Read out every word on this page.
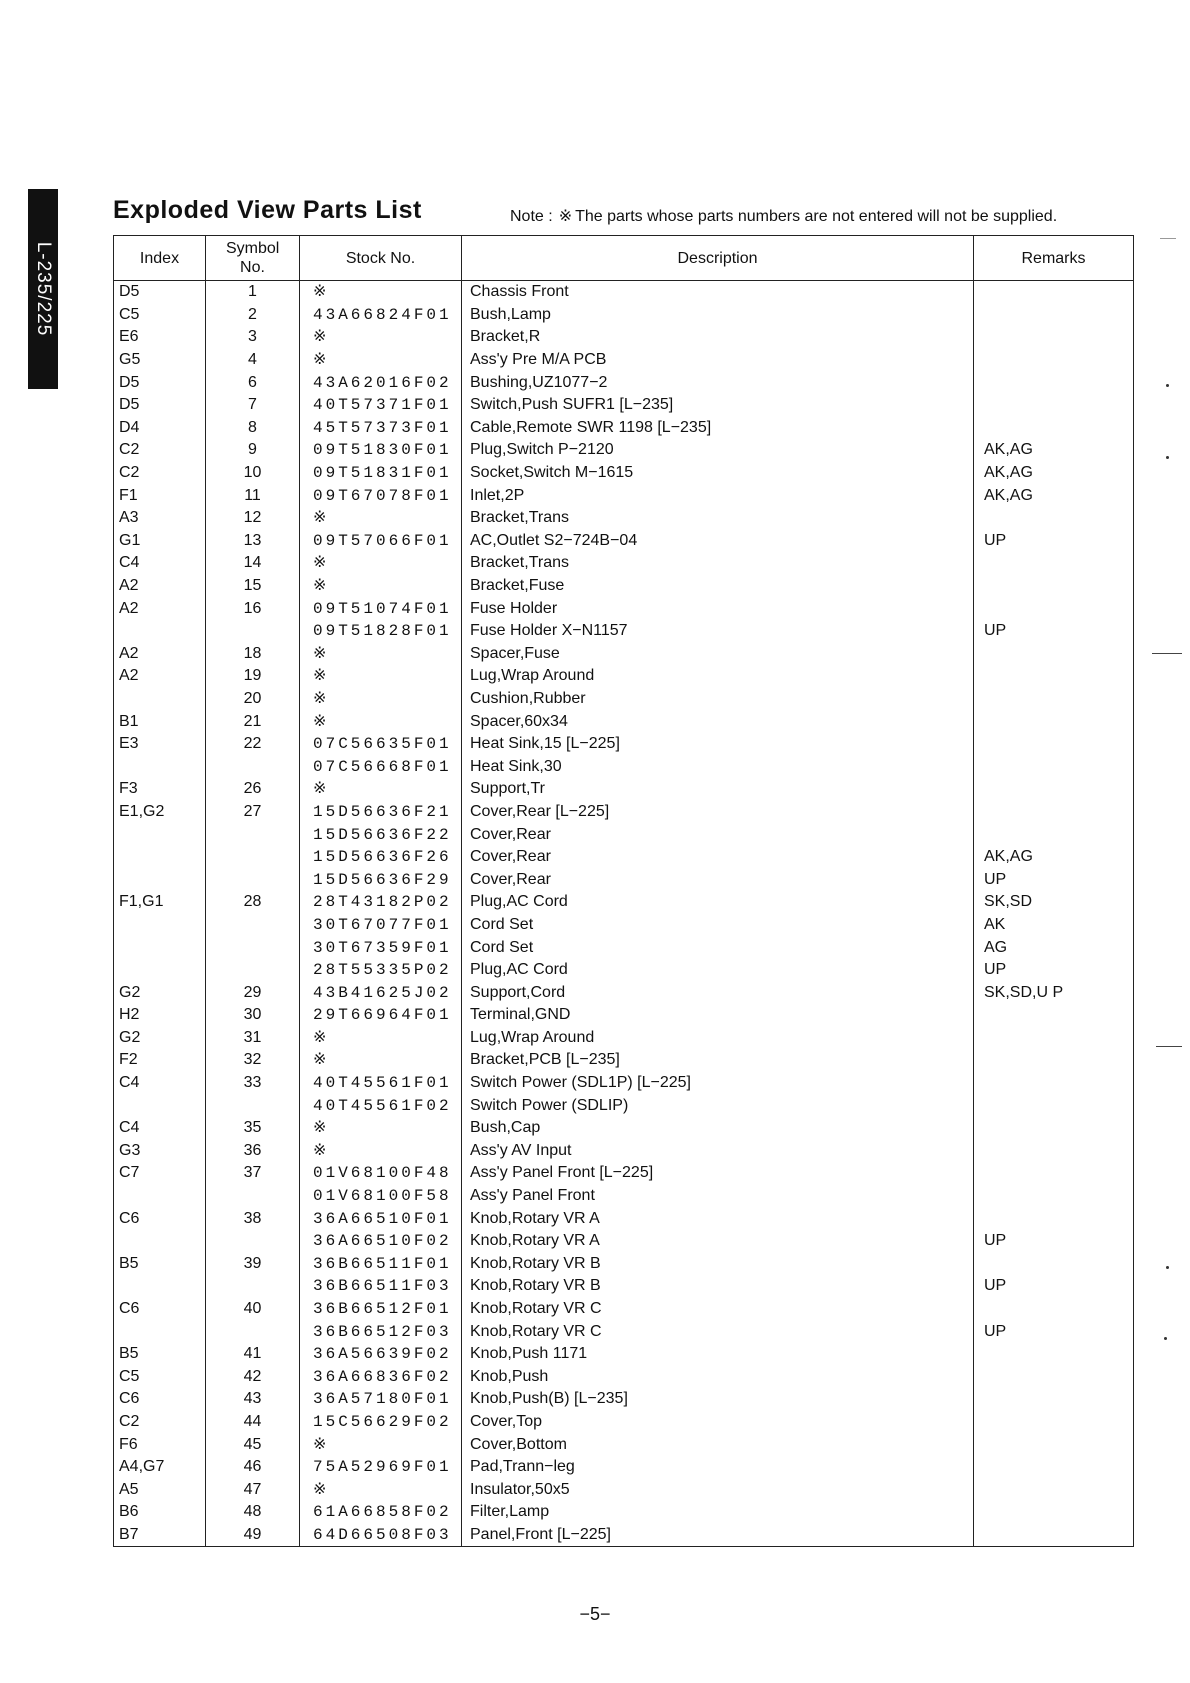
L-235/225
Exploded View Parts List	Note : ※ The parts whose parts numbers are not entered will not be supplied.
Index	Symbol No.	Stock No.	Description	Remarks
D5	1	※	Chassis Front	
C5	2	43A66824F01	Bush,Lamp	
E6	3	※	Bracket,R	
G5	4	※	Ass'y Pre M/A PCB	
D5	6	43A62016F02	Bushing,UZ1077−2	
D5	7	40T57371F01	Switch,Push SUFR1 [L−235]	
D4	8	45T57373F01	Cable,Remote SWR 1198 [L−235]	
C2	9	09T51830F01	Plug,Switch P−2120	AK,AG
C2	10	09T51831F01	Socket,Switch M−1615	AK,AG
F1	11	09T67078F01	Inlet,2P	AK,AG
A3	12	※	Bracket,Trans	
G1	13	09T57066F01	AC,Outlet S2−724B−04	UP
C4	14	※	Bracket,Trans	
A2	15	※	Bracket,Fuse	
A2	16	09T51074F01	Fuse Holder	
		09T51828F01	Fuse Holder X−N1157	UP
A2	18	※	Spacer,Fuse	
A2	19	※	Lug,Wrap Around	
	20	※	Cushion,Rubber	
B1	21	※	Spacer,60x34	
E3	22	07C56635F01	Heat Sink,15 [L−225]	
		07C56668F01	Heat Sink,30	
F3	26	※	Support,Tr	
E1,G2	27	15D56636F21	Cover,Rear [L−225]	
		15D56636F22	Cover,Rear	
		15D56636F26	Cover,Rear	AK,AG
		15D56636F29	Cover,Rear	UP
F1,G1	28	28T43182P02	Plug,AC Cord	SK,SD
		30T67077F01	Cord Set	AK
		30T67359F01	Cord Set	AG
		28T55335P02	Plug,AC Cord	UP
G2	29	43B41625J02	Support,Cord	SK,SD,U P
H2	30	29T66964F01	Terminal,GND	
G2	31	※	Lug,Wrap Around	
F2	32	※	Bracket,PCB [L−235]	
C4	33	40T45561F01	Switch Power (SDL1P) [L−225]	
		40T45561F02	Switch Power (SDLIP)	
C4	35	※	Bush,Cap	
G3	36	※	Ass'y AV Input	
C7	37	01V68100F48	Ass'y Panel Front [L−225]	
		01V68100F58	Ass'y Panel Front	
C6	38	36A66510F01	Knob,Rotary VR A	
		36A66510F02	Knob,Rotary VR A	UP
B5	39	36B66511F01	Knob,Rotary VR B	
		36B66511F03	Knob,Rotary VR B	UP
C6	40	36B66512F01	Knob,Rotary VR C	
		36B66512F03	Knob,Rotary VR C	UP
B5	41	36A56639F02	Knob,Push 1171	
C5	42	36A66836F02	Knob,Push	
C6	43	36A57180F01	Knob,Push(B) [L−235]	
C2	44	15C56629F02	Cover,Top	
F6	45	※	Cover,Bottom	
A4,G7	46	75A52969F01	Pad,Trann−leg	
A5	47	※	Insulator,50x5	
B6	48	61A66858F02	Filter,Lamp	
B7	49	64D66508F03	Panel,Front [L−225]	
−5−
